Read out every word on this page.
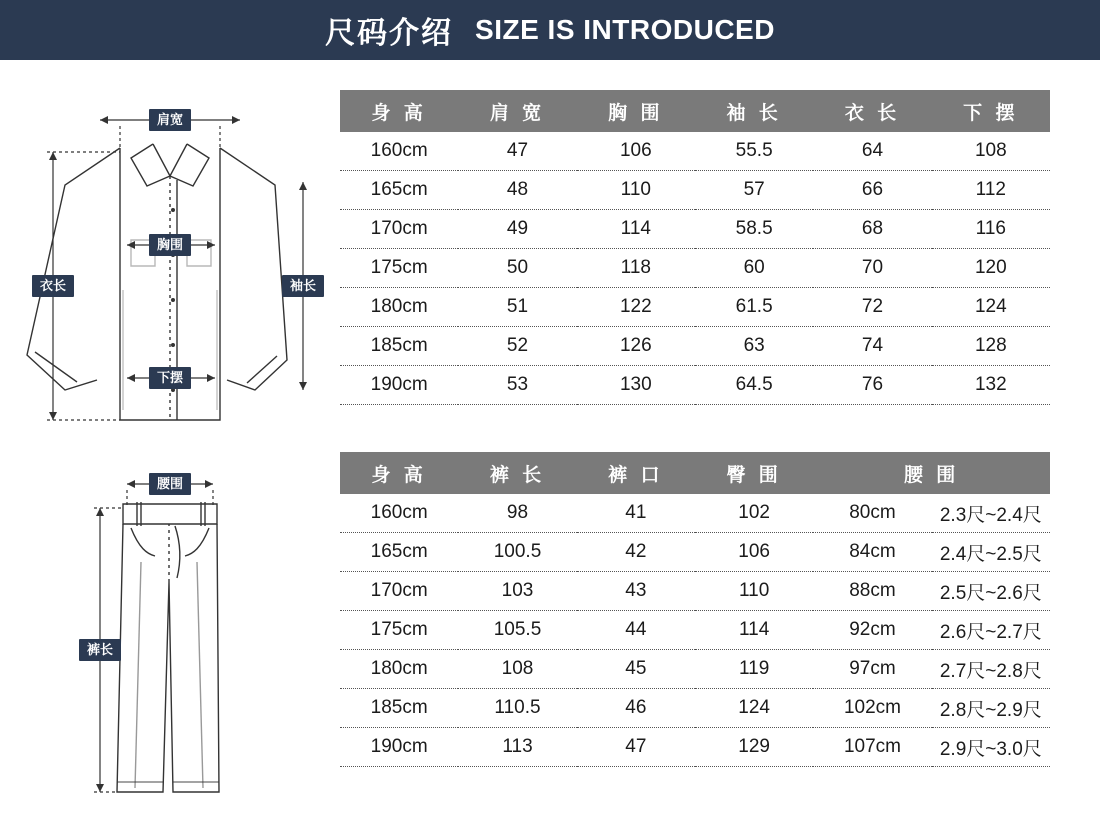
尺码介绍 SIZE IS INTRODUCED
肩宽
胸围
下摆
衣长	袖长
身 高	肩 宽	胸 围	袖 长	衣 长	下 摆
160cm	47	106	55.5	64	108
165cm	48	110	57	66	112
170cm	49	114	58.5	68	116
175cm	50	118	60	70	120
180cm	51	122	61.5	72	124
185cm	52	126	63	74	128
190cm	53	130	64.5	76	132
腰围
裤长
身 高	裤 长	裤 口	臀 围	腰 围	
160cm	98	41	102	80cm	2.3尺~2.4尺
165cm	100.5	42	106	84cm	2.4尺~2.5尺
170cm	103	43	110	88cm	2.5尺~2.6尺
175cm	105.5	44	114	92cm	2.6尺~2.7尺
180cm	108	45	119	97cm	2.7尺~2.8尺
185cm	110.5	46	124	102cm	2.8尺~2.9尺
190cm	113	47	129	107cm	2.9尺~3.0尺
